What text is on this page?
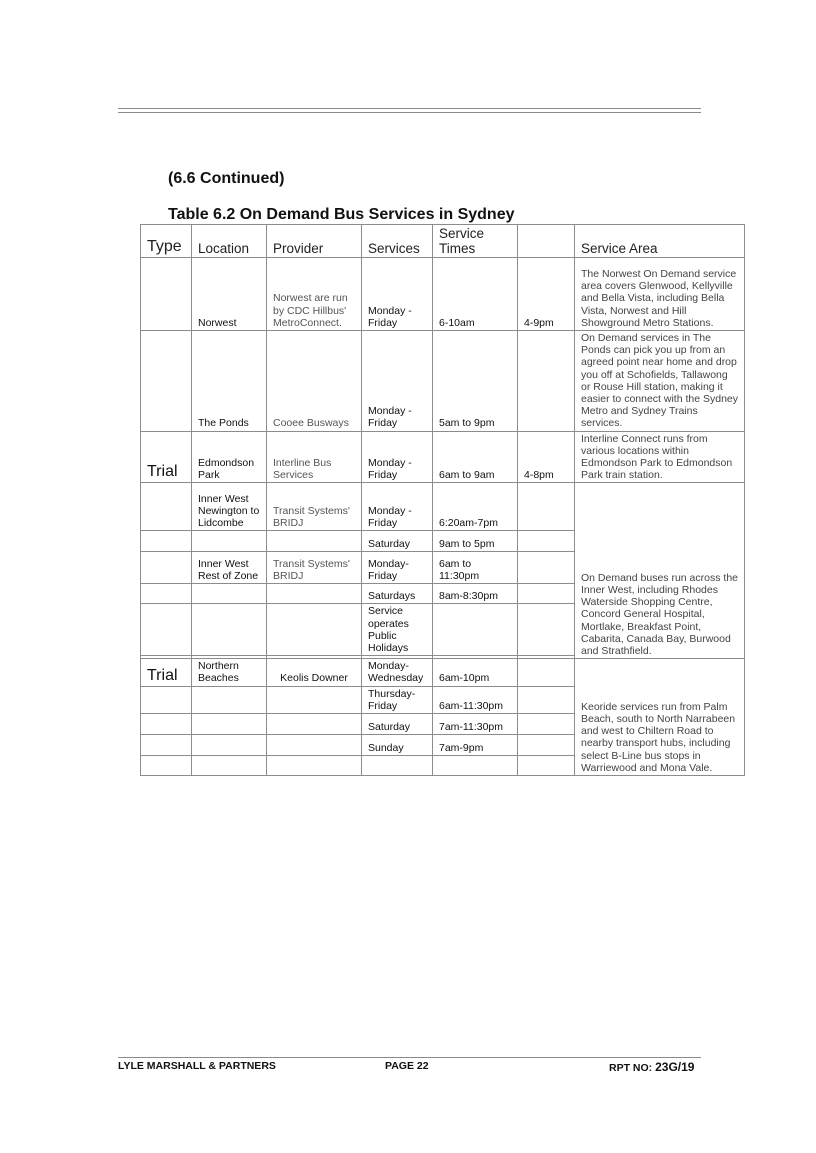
(6.6 Continued)
Table 6.2 On Demand Bus Services in Sydney
Type	Location	Provider	Services	Service Times		Service Area
	Norwest	Norwest are run by CDC Hillbus' MetroConnect.	Monday - Friday	6-10am	4-9pm	The Norwest On Demand service area covers Glenwood, Kellyville and Bella Vista, including Bella Vista, Norwest and Hill Showground Metro Stations.
	The Ponds	Cooee Busways	Monday - Friday	5am to 9pm		On Demand services in The Ponds can pick you up from an agreed point near home and drop you off at Schofields, Tallawong or Rouse Hill station, making it easier to connect with the Sydney Metro and Sydney Trains services.
Trial	Edmondson Park	Interline Bus Services	Monday - Friday	6am to 9am	4-8pm	Interline Connect runs from various locations within Edmondson Park to Edmondson Park train station.
	Inner West Newington to Lidcombe	Transit Systems' BRIDJ	Monday - Friday	6:20am-7pm		On Demand buses run across the Inner West, including Rhodes Waterside Shopping Centre, Concord General Hospital, Mortlake, Breakfast Point, Cabarita, Canada Bay, Burwood and Strathfield.
			Saturday	9am to 5pm		
	Inner West Rest of Zone	Transit Systems' BRIDJ	Monday- Friday	6am to 11:30pm		
			Saturdays	8am-8:30pm		
			Service operates Public Holidays			

Trial	Northern Beaches	Keolis Downer	Monday- Wednesday	6am-10pm		Keoride services run from Palm Beach, south to North Narrabeen and west to Chiltern Road to nearby transport hubs, including select B-Line bus stops in Warriewood and Mona Vale.
			Thursday- Friday	6am-11:30pm		
			Saturday	7am-11:30pm		
			Sunday	7am-9pm		

LYLE MARSHALL & PARTNERS	PAGE 22	RPT NO: 23G/19
